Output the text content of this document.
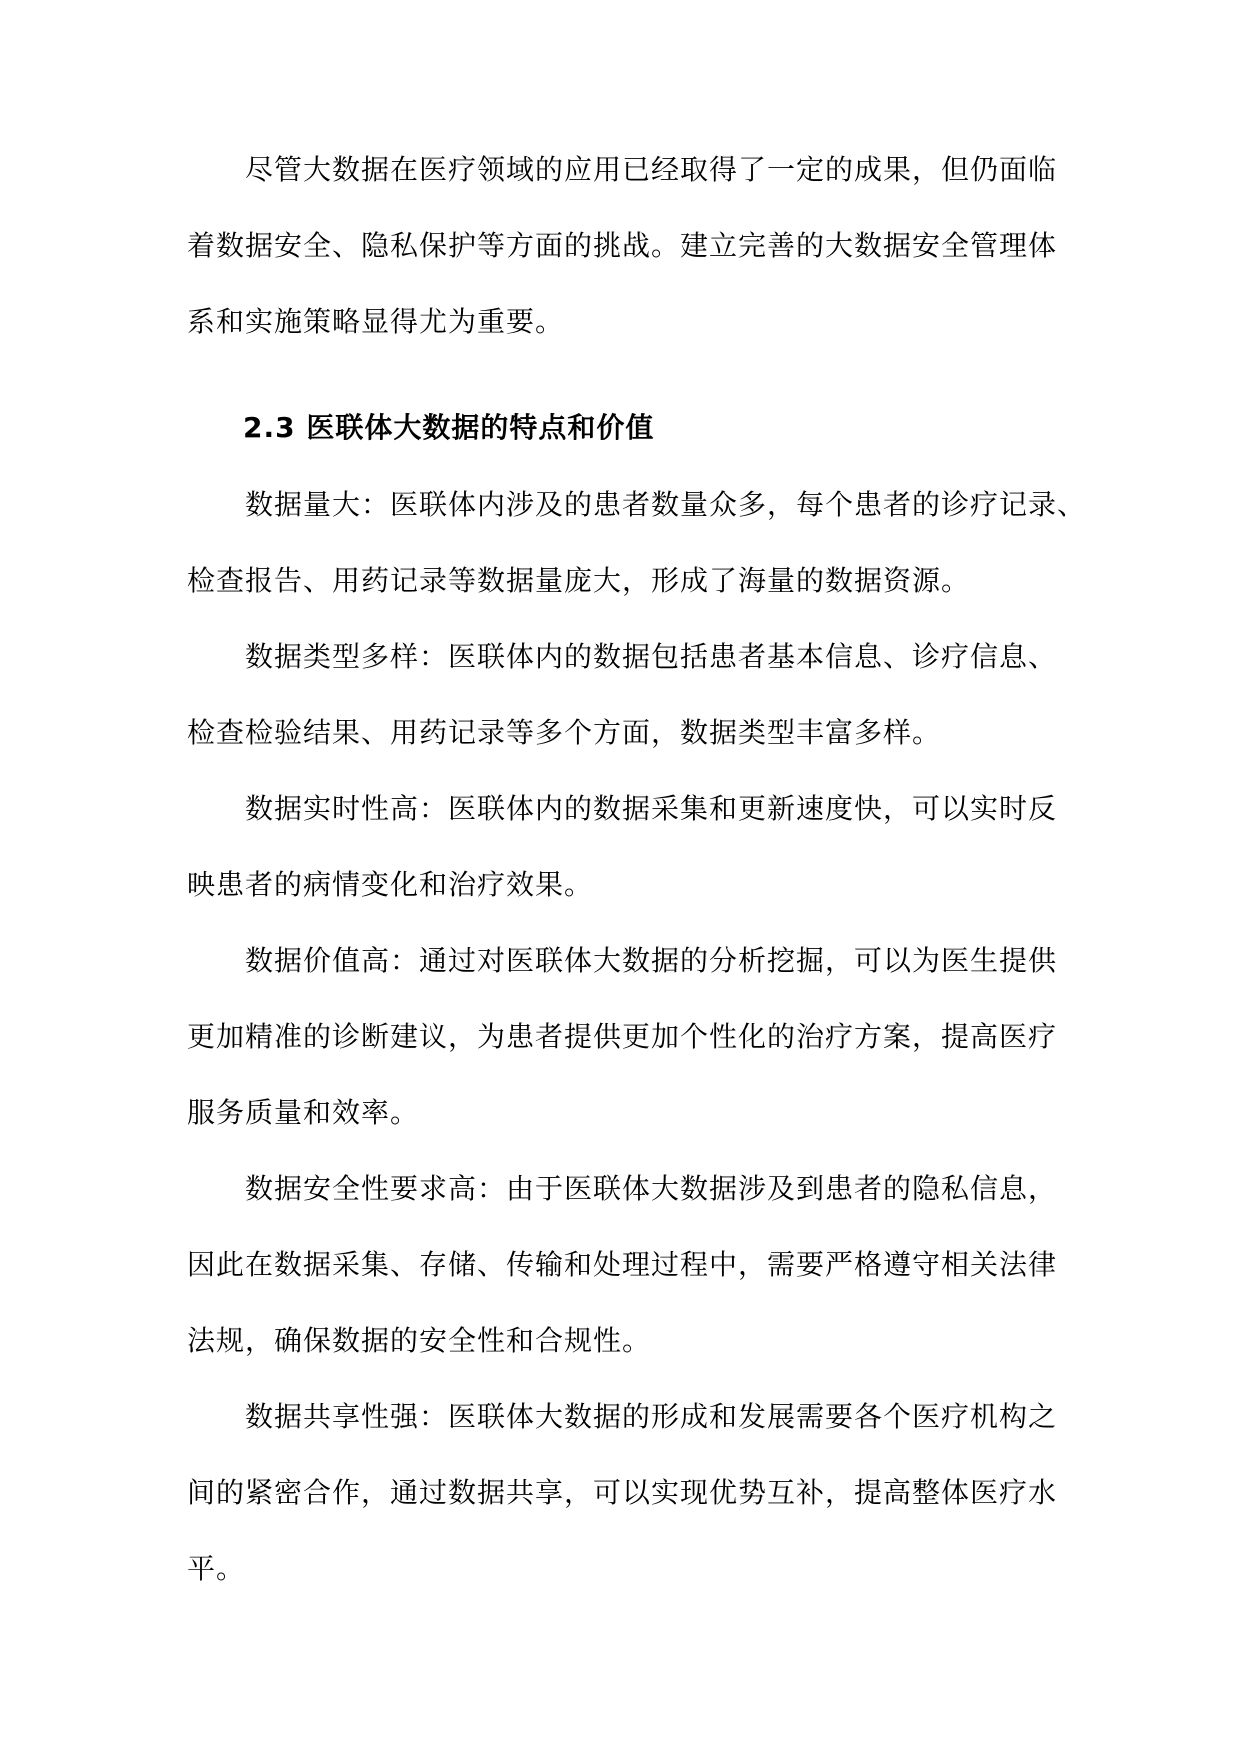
尽管大数据在医疗领域的应用已经取得了一定的成果，但仍面临
着数据安全、隐私保护等方面的挑战。建立完善的大数据安全管理体
系和实施策略显得尤为重要。
2.3 医联体大数据的特点和价值
数据量大：医联体内涉及的患者数量众多，每个患者的诊疗记录、
检查报告、用药记录等数据量庞大，形成了海量的数据资源。
数据类型多样：医联体内的数据包括患者基本信息、诊疗信息、
检查检验结果、用药记录等多个方面，数据类型丰富多样。
数据实时性高：医联体内的数据采集和更新速度快，可以实时反
映患者的病情变化和治疗效果。
数据价值高：通过对医联体大数据的分析挖掘，可以为医生提供
更加精准的诊断建议，为患者提供更加个性化的治疗方案，提高医疗
服务质量和效率。
数据安全性要求高：由于医联体大数据涉及到患者的隐私信息，
因此在数据采集、存储、传输和处理过程中，需要严格遵守相关法律
法规，确保数据的安全性和合规性。
数据共享性强：医联体大数据的形成和发展需要各个医疗机构之
间的紧密合作，通过数据共享，可以实现优势互补，提高整体医疗水
平。
